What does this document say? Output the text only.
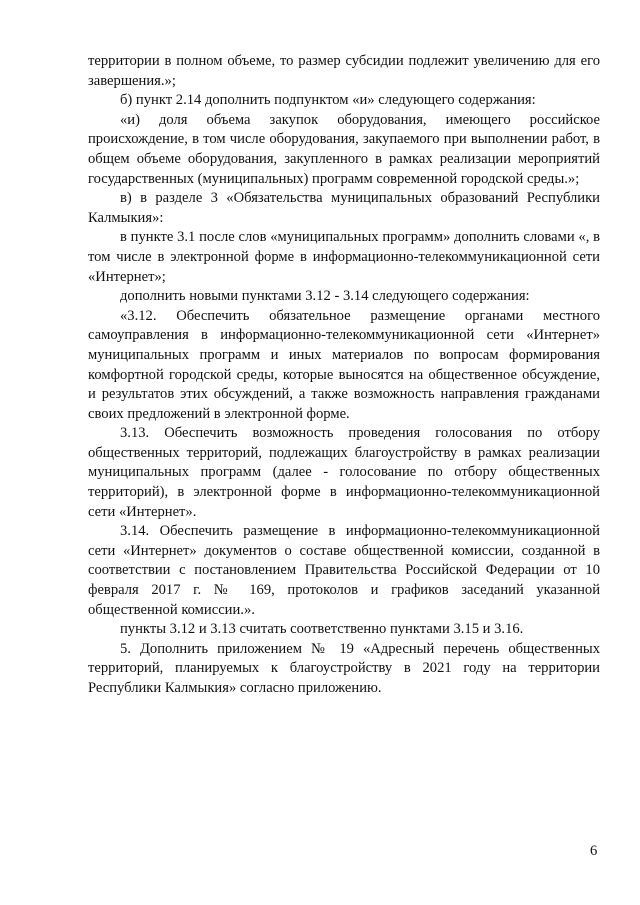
территории в полном объеме, то размер субсидии подлежит увеличению для его завершения.»;

б) пункт 2.14 дополнить подпунктом «и» следующего содержания:

«и) доля объема закупок оборудования, имеющего российское происхождение, в том числе оборудования, закупаемого при выполнении работ, в общем объеме оборудования, закупленного в рамках реализации мероприятий государственных (муниципальных) программ современной городской среды.»;

в) в разделе 3 «Обязательства муниципальных образований Республики Калмыкия»:

в пункте 3.1 после слов «муниципальных программ» дополнить словами «, в том числе в электронной форме в информационно-телекоммуникационной сети «Интернет»;

дополнить новыми пунктами 3.12 - 3.14 следующего содержания:

«3.12. Обеспечить обязательное размещение органами местного самоуправления в информационно-телекоммуникационной сети «Интернет» муниципальных программ и иных материалов по вопросам формирования комфортной городской среды, которые выносятся на общественное обсуждение, и результатов этих обсуждений, а также возможность направления гражданами своих предложений в электронной форме.

3.13. Обеспечить возможность проведения голосования по отбору общественных территорий, подлежащих благоустройству в рамках реализации муниципальных программ (далее - голосование по отбору общественных территорий), в электронной форме в информационно-телекоммуникационной сети «Интернет».

3.14. Обеспечить размещение в информационно-телекоммуникационной сети «Интернет» документов о составе общественной комиссии, созданной в соответствии с постановлением Правительства Российской Федерации от 10 февраля 2017 г. № 169, протоколов и графиков заседаний указанной общественной комиссии.».

пункты 3.12 и 3.13 считать соответственно пунктами 3.15 и 3.16.

5. Дополнить приложением № 19 «Адресный перечень общественных территорий, планируемых к благоустройству в 2021 году на территории Республики Калмыкия» согласно приложению.

6
